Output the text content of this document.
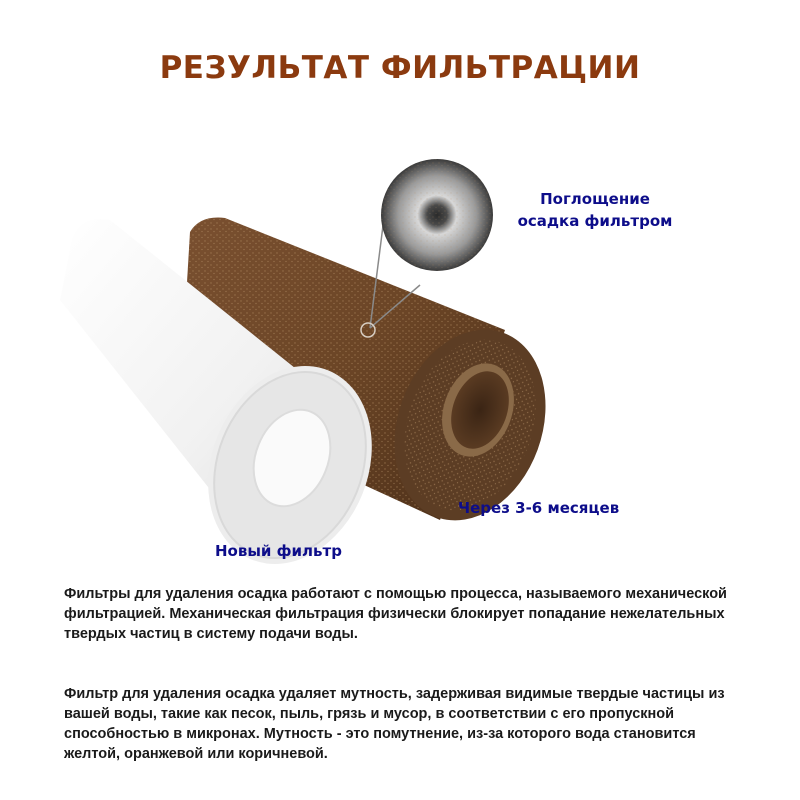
РЕЗУЛЬТАТ ФИЛЬТРАЦИИ
Поглощение
осадка фильтром
Через 3-6 месяцев
Новый фильтр
Фильтры для удаления осадка работают с помощью процесса, называемого механической фильтрацией. Механическая фильтрация физически блокирует попадание нежелательных твердых частиц в систему подачи воды.
Фильтр для удаления осадка удаляет мутность, задерживая видимые твердые частицы из вашей воды, такие как песок, пыль, грязь и мусор, в соответствии с его пропускной способностью в микронах. Мутность - это помутнение, из-за которого вода становится желтой, оранжевой или коричневой.
